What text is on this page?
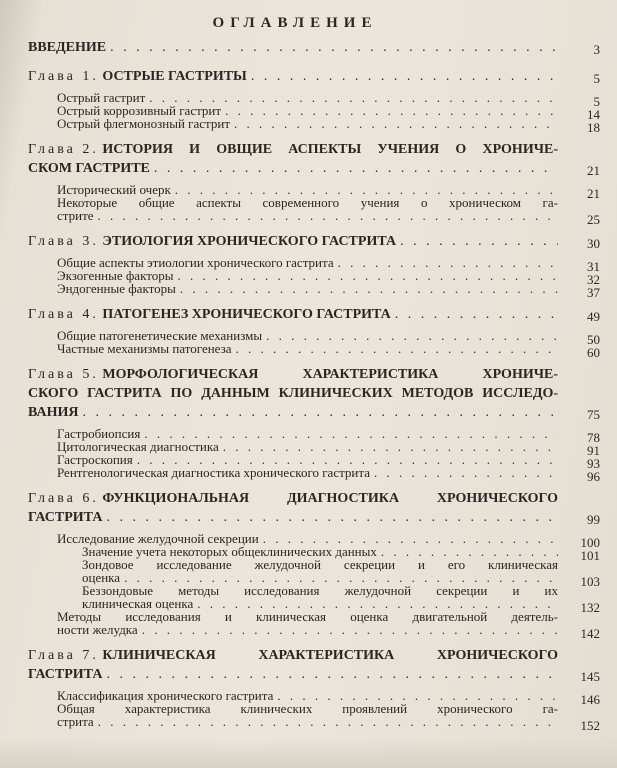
ОГЛАВЛЕНИЕ
ВВЕДЕНИЕ . . .	3
Глава 1.
ОСТРЫЕ ГАСТРИТЫ . . .	5
Острый гастрит . . .	5
Острый коррозивный гастрит . . .	14
Острый флегмонозный гастрит . . .	18
Глава 2.
ИСТОРИЯ И ОВЩИЕ АСПЕКТЫ УЧЕНИЯ О ХРОНИЧЕ-
СКОМ ГАСТРИТЕ . . .	21
Исторический очерк . . .	21
Некоторые общие аспекты современного учения о хроническом га-
стрите . . .	25
Глава 3.
ЭТИОЛОГИЯ ХРОНИЧЕСКОГО ГАСТРИТА . . .	30
Общие аспекты этиологии хронического гастрита . . .	31
Экзогенные факторы . . .	32
Эндогенные факторы . . .	37
Глава 4.
ПАТОГЕНЕЗ ХРОНИЧЕСКОГО ГАСТРИТА . . .	49
Общие патогенетические механизмы . . .	50
Частные механизмы патогенеза . . .	60
Глава 5.
МОРФОЛОГИЧЕСКАЯ ХАРАКТЕРИСТИКА ХРОНИЧЕ-
СКОГО ГАСТРИТА ПО ДАННЫМ КЛИНИЧЕСКИХ МЕТОДОВ ИССЛЕДО-
ВАНИЯ . . .	75
Гастробиопсия . . .	78
Цитологическая диагностика . . .	91
Гастроскопия . . .	93
Рентгенологическая диагностика хронического гастрита . . .	96
Глава 6.
ФУНКЦИОНАЛЬНАЯ ДИАГНОСТИКА ХРОНИЧЕСКОГО
ГАСТРИТА . . .	99
Исследование желудочной секреции . . .	100
Значение учета некоторых общеклинических данных . . .	101
Зондовое исследование желудочной секреции и его клиническая
оценка . . .	103
Беззондовые методы исследования желудочной секреции и их
клиническая оценка . . .	132
Методы исследования и клиническая оценка двигательной деятель-
ности желудка . . .	142
Глава 7.
КЛИНИЧЕСКАЯ ХАРАКТЕРИСТИКА ХРОНИЧЕСКОГО
ГАСТРИТА . . .	145
Классификация хронического гастрита . . .	146
Общая характеристика клинических проявлений хронического га-
стрита . . .	152
